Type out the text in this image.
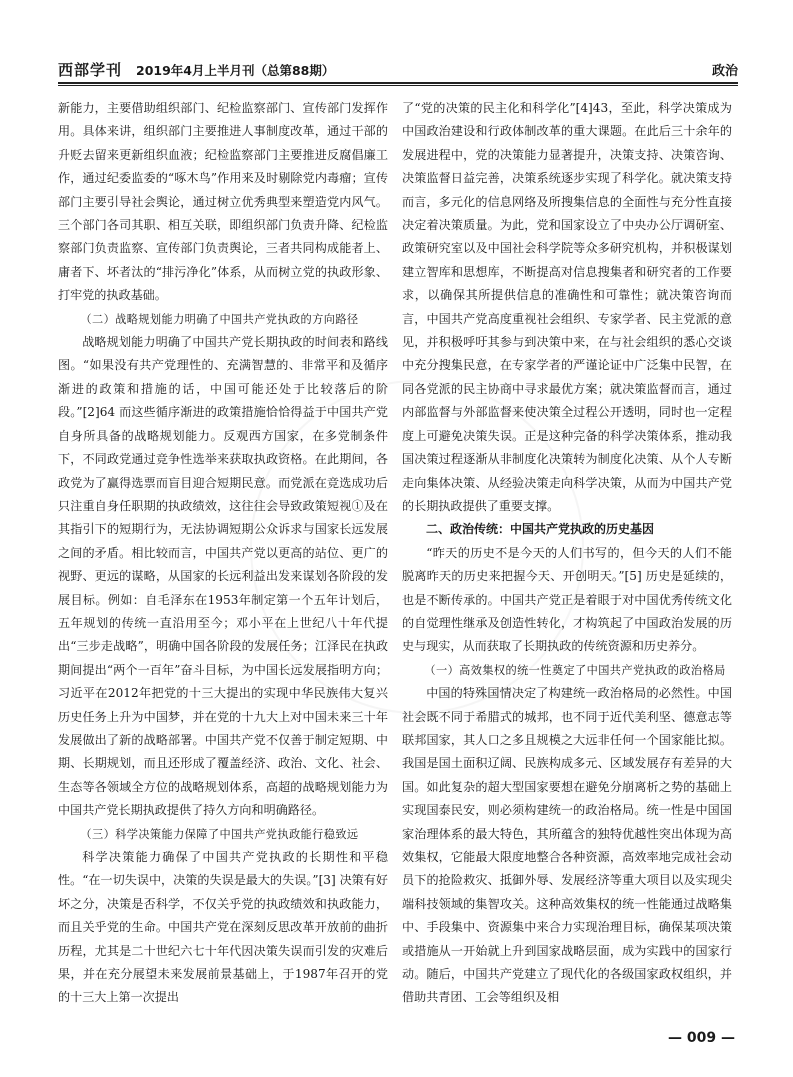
西部学刊 2019年4月上半月刊（总第88期）	政治

新能力，主要借助组织部门、纪检监察部门、宣传部门发挥作用。具体来讲，组织部门主要推进人事制度改革，通过干部的升贬去留来更新组织血液；纪检监察部门主要推进反腐倡廉工作，通过纪委监委的“啄木鸟”作用来及时剔除党内毒瘤；宣传部门主要引导社会舆论，通过树立优秀典型来塑造党内风气。三个部门各司其职、相互关联，即组织部门负责升降、纪检监察部门负责监察、宣传部门负责舆论，三者共同构成能者上、庸者下、坏者汰的“排污净化”体系，从而树立党的执政形象、打牢党的执政基础。

（二）战略规划能力明确了中国共产党执政的方向路径

战略规划能力明确了中国共产党长期执政的时间表和路线图。“如果没有共产党理性的、充满智慧的、非常平和及循序渐进的政策和措施的话，中国可能还处于比较落后的阶段。”[2]64 而这些循序渐进的政策措施恰恰得益于中国共产党自身所具备的战略规划能力。反观西方国家，在多党制条件下，不同政党通过竞争性选举来获取执政资格。在此期间，各政党为了赢得选票而盲目迎合短期民意。而党派在竞选成功后只注重自身任职期的执政绩效，这往往会导致政策短视①及在其指引下的短期行为，无法协调短期公众诉求与国家长远发展之间的矛盾。相比较而言，中国共产党以更高的站位、更广的视野、更远的谋略，从国家的长远利益出发来谋划各阶段的发展目标。例如：自毛泽东在1953年制定第一个五年计划后，五年规划的传统一直沿用至今；邓小平在上世纪八十年代提出“三步走战略”，明确中国各阶段的发展任务；江泽民在执政期间提出“两个一百年”奋斗目标，为中国长远发展指明方向；习近平在2012年把党的十三大提出的实现中华民族伟大复兴历史任务上升为中国梦，并在党的十九大上对中国未来三十年发展做出了新的战略部署。中国共产党不仅善于制定短期、中期、长期规划，而且还形成了覆盖经济、政治、文化、社会、生态等各领域全方位的战略规划体系，高超的战略规划能力为中国共产党长期执政提供了持久方向和明确路径。

（三）科学决策能力保障了中国共产党执政能行稳致远

科学决策能力确保了中国共产党执政的长期性和平稳性。“在一切失误中，决策的失误是最大的失误。”[3] 决策有好坏之分，决策是否科学，不仅关乎党的执政绩效和执政能力，而且关乎党的生命。中国共产党在深刻反思改革开放前的曲折历程，尤其是二十世纪六七十年代因决策失误而引发的灾难后果，并在充分展望未来发展前景基础上，于1987年召开的党的十三大上第一次提出

了“党的决策的民主化和科学化”[4]43，至此，科学决策成为中国政治建设和行政体制改革的重大课题。在此后三十余年的发展进程中，党的决策能力显著提升，决策支持、决策咨询、决策监督日益完善，决策系统逐步实现了科学化。就决策支持而言，多元化的信息网络及所搜集信息的全面性与充分性直接决定着决策质量。为此，党和国家设立了中央办公厅调研室、政策研究室以及中国社会科学院等众多研究机构，并积极谋划建立智库和思想库，不断提高对信息搜集者和研究者的工作要求，以确保其所提供信息的准确性和可靠性；就决策咨询而言，中国共产党高度重视社会组织、专家学者、民主党派的意见，并积极呼吁其参与到决策中来，在与社会组织的悉心交谈中充分搜集民意，在专家学者的严谨论证中广泛集中民智，在同各党派的民主协商中寻求最优方案；就决策监督而言，通过内部监督与外部监督来使决策全过程公开透明，同时也一定程度上可避免决策失误。正是这种完备的科学决策体系，推动我国决策过程逐渐从非制度化决策转为制度化决策、从个人专断走向集体决策、从经验决策走向科学决策，从而为中国共产党的长期执政提供了重要支撑。

二、政治传统：中国共产党执政的历史基因

“昨天的历史不是今天的人们书写的，但今天的人们不能脱离昨天的历史来把握今天、开创明天。”[5] 历史是延续的，也是不断传承的。中国共产党正是着眼于对中国优秀传统文化的自觉理性继承及创造性转化，才构筑起了中国政治发展的历史与现实，从而获取了长期执政的传统资源和历史养分。

（一）高效集权的统一性奠定了中国共产党执政的政治格局

中国的特殊国情决定了构建统一政治格局的必然性。中国社会既不同于希腊式的城邦，也不同于近代美利坚、德意志等联邦国家，其人口之多且规模之大远非任何一个国家能比拟。我国是国土面积辽阔、民族构成多元、区域发展存有差异的大国。如此复杂的超大型国家要想在避免分崩离析之势的基础上实现国泰民安，则必须构建统一的政治格局。统一性是中国国家治理体系的最大特色，其所蕴含的独特优越性突出体现为高效集权，它能最大限度地整合各种资源，高效率地完成社会动员下的抢险救灾、抵御外辱、发展经济等重大项目以及实现尖端科技领域的集智攻关。这种高效集权的统一性能通过战略集中、手段集中、资源集中来合力实现治理目标，确保某项决策或措施从一开始就上升到国家战略层面，成为实践中的国家行动。随后，中国共产党建立了现代化的各级国家政权组织，并借助共青团、工会等组织及相

— 009 —
